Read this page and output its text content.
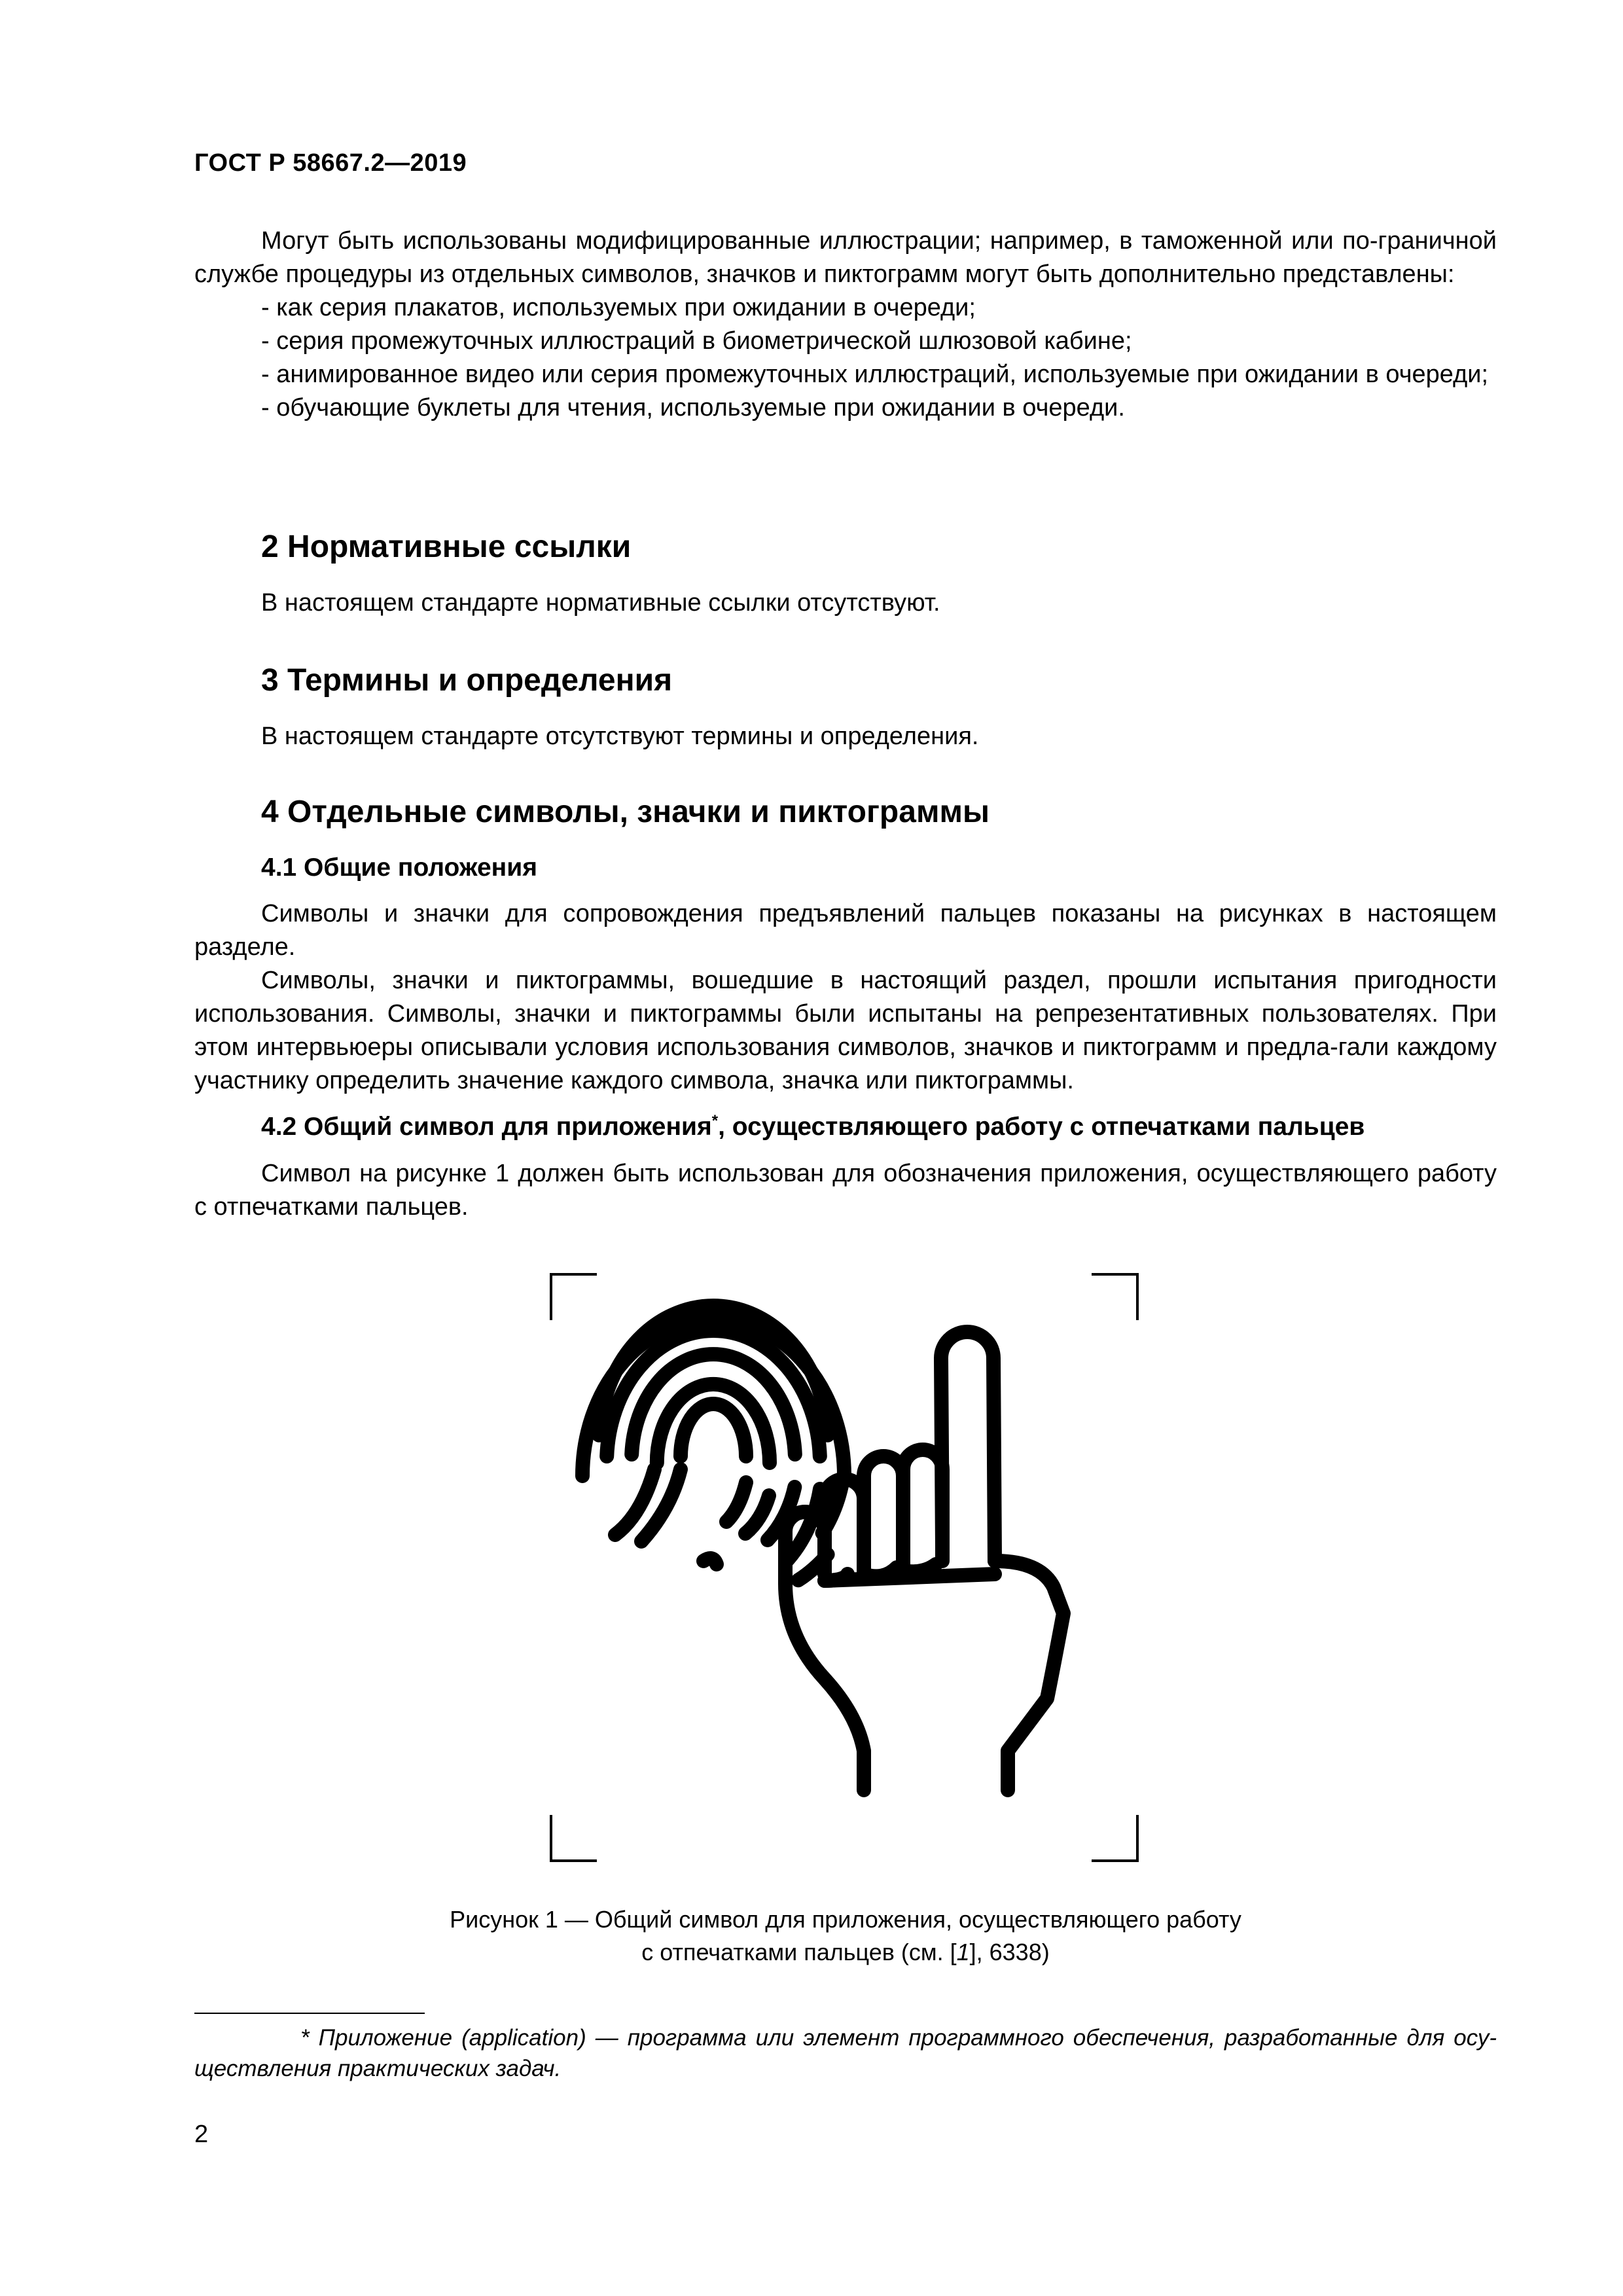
ГОСТ Р 58667.2—2019

Могут быть использованы модифицированные иллюстрации; например, в таможенной или по-граничной службе процедуры из отдельных символов, значков и пиктограмм могут быть дополнительно представлены:

- как серия плакатов, используемых при ожидании в очереди;

- серия промежуточных иллюстраций в биометрической шлюзовой кабине;

- анимированное видео или серия промежуточных иллюстраций, используемые при ожидании в очереди;

- обучающие буклеты для чтения, используемые при ожидании в очереди.

2 Нормативные ссылки

В настоящем стандарте нормативные ссылки отсутствуют.

3 Термины и определения

В настоящем стандарте отсутствуют термины и определения.

4 Отдельные символы, значки и пиктограммы
4.1 Общие положения

Символы и значки для сопровождения предъявлений пальцев показаны на рисунках в настоящем разделе.

Символы, значки и пиктограммы, вошедшие в настоящий раздел, прошли испытания пригодности использования. Символы, значки и пиктограммы были испытаны на репрезентативных пользователях. При этом интервьюеры описывали условия использования символов, значков и пиктограмм и предла-гали каждому участнику определить значение каждого символа, значка или пиктограммы.

4.2 Общий символ для приложения*, осуществляющего работу с отпечатками пальцев

Символ на рисунке 1 должен быть использован для обозначения приложения, осуществляющего работу с отпечатками пальцев.

Рисунок 1 — Общий символ для приложения, осуществляющего работу
с отпечатками пальцев (см. [1], 6338)
* Приложение (application) — программа или элемент программного обеспечения, разработанные для осу-ществления практических задач.
2
